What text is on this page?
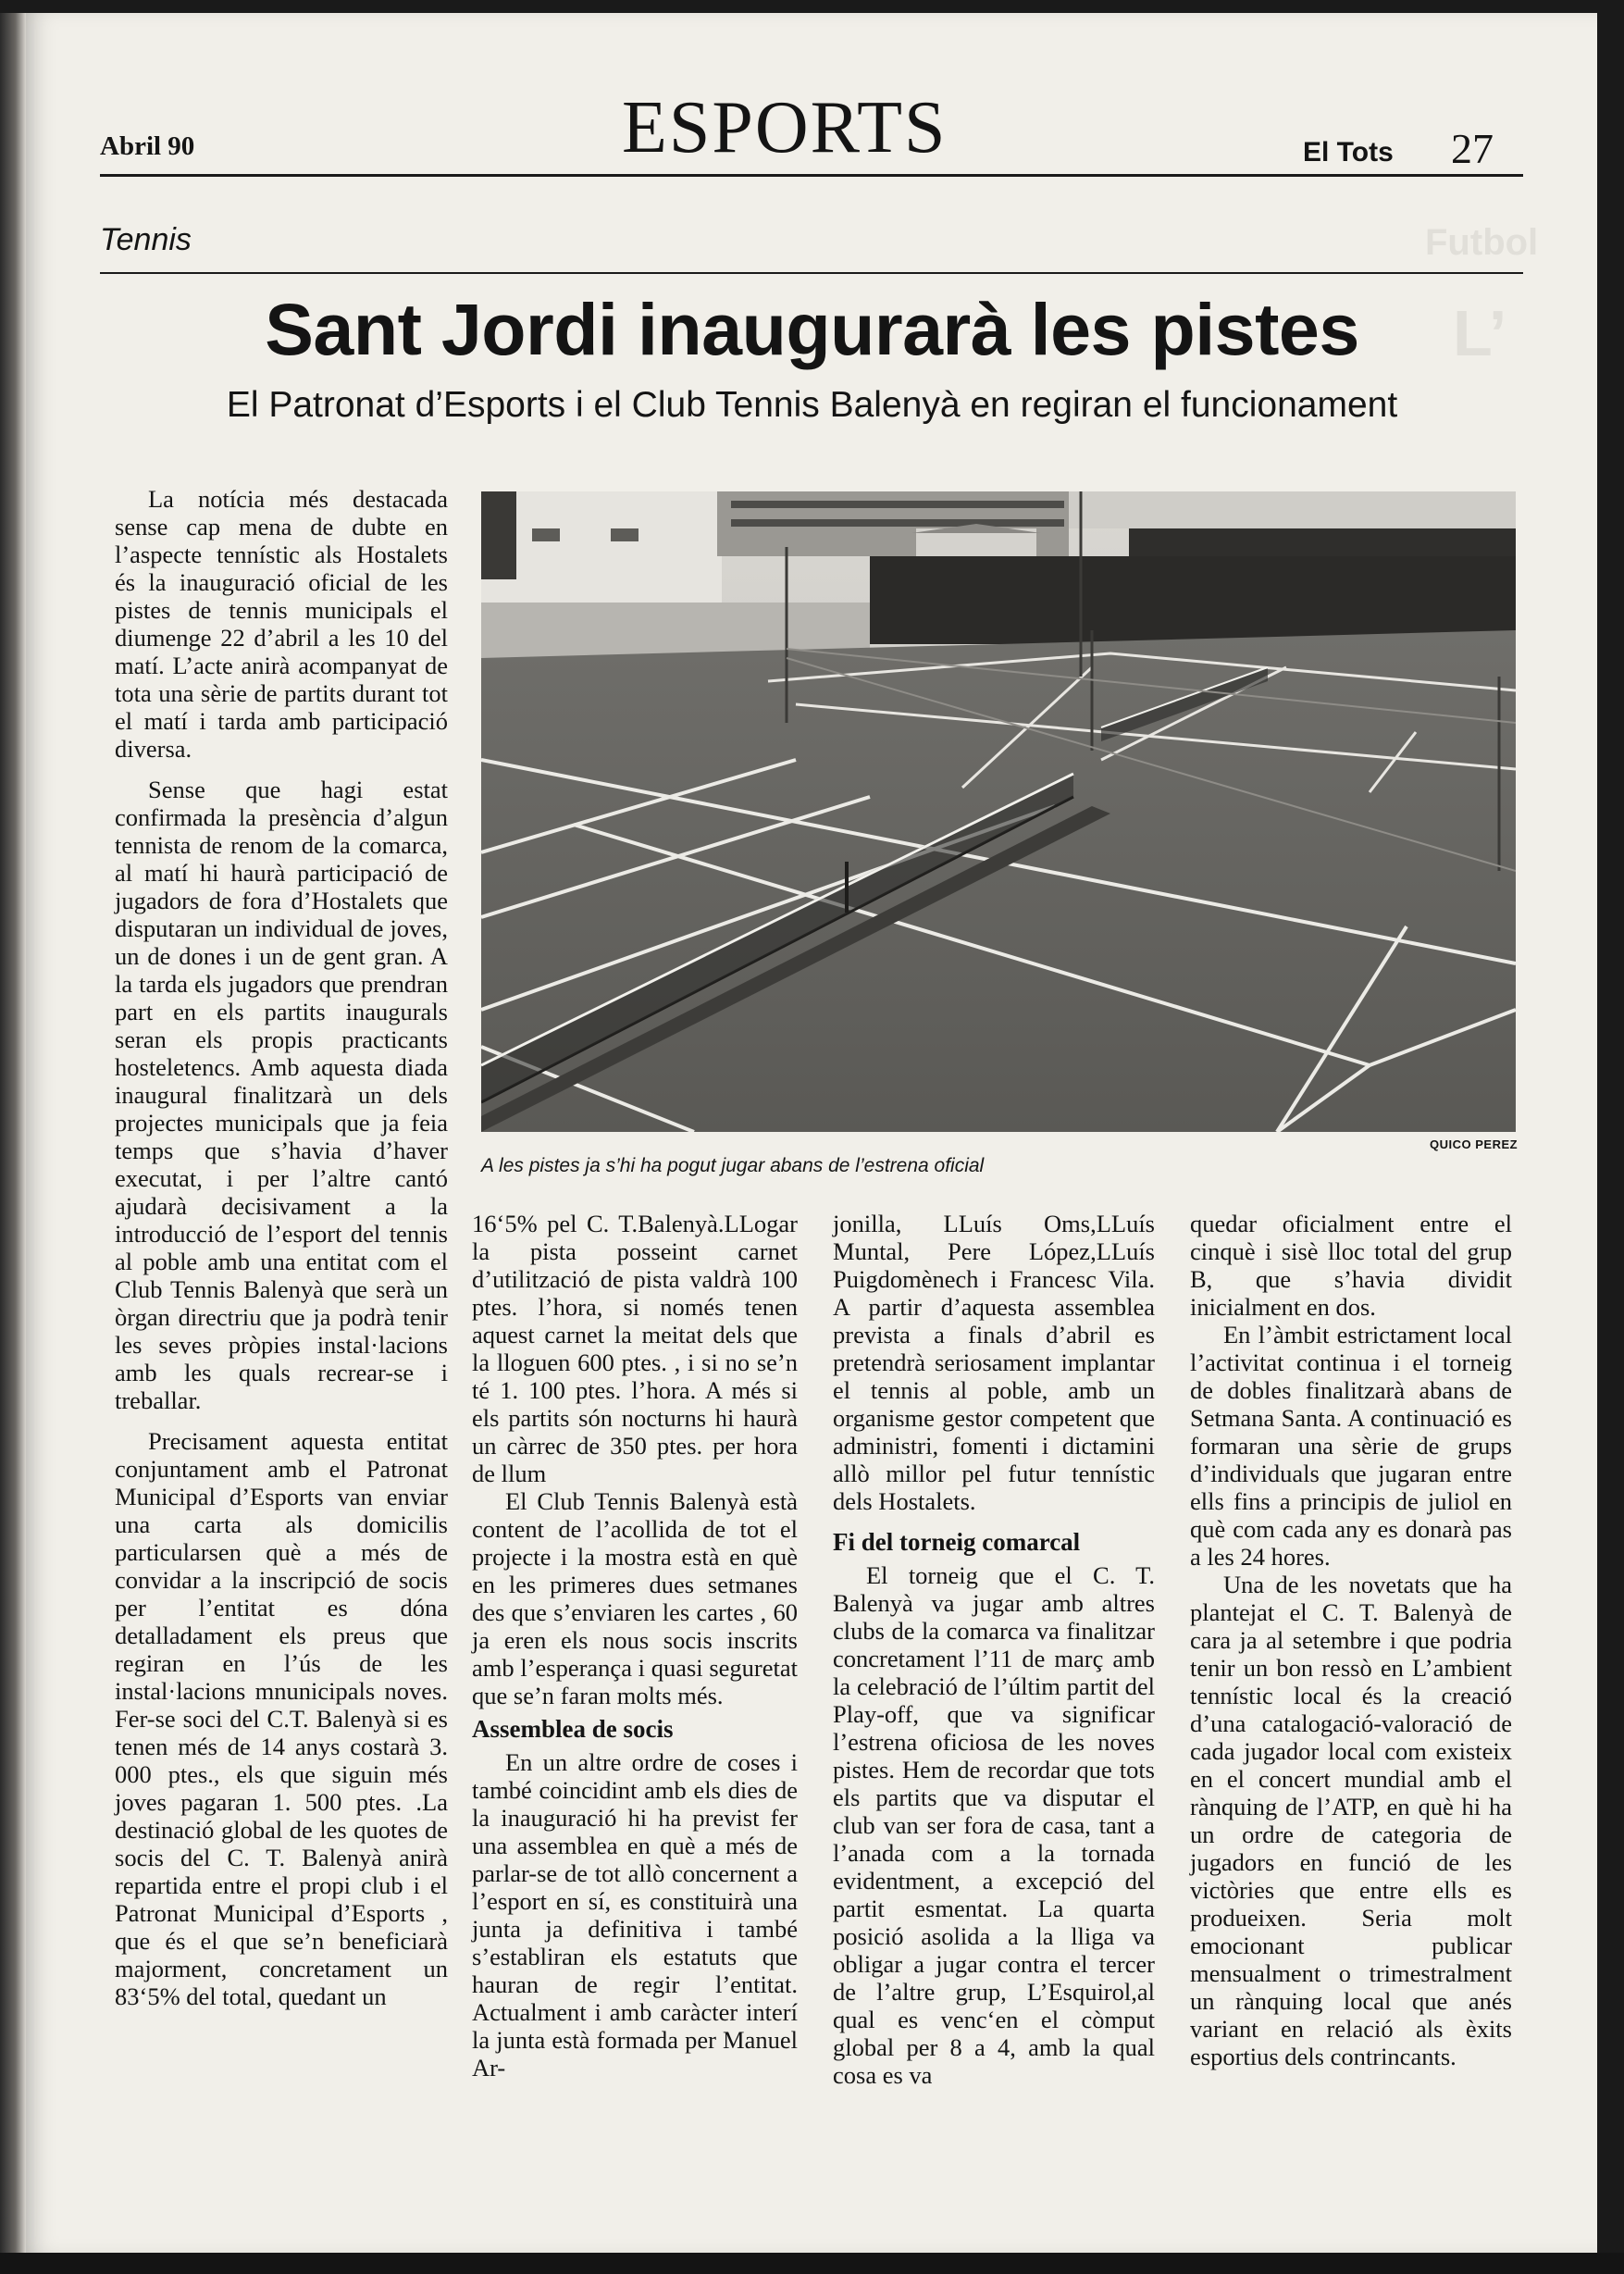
Abril 90	ESPORTS	El Tots 27
Tennis
Sant Jordi inaugurarà les pistes
El Patronat d’Esports i el Club Tennis Balenyà en regiran el funcionament
QUICO PEREZ
A les pistes ja s’hi ha pogut jugar abans de l’estrena oficial

La notícia més destacada sense cap mena de dubte en l’aspecte tennístic als Hostalets és la inauguració oficial de les pistes de tennis municipals el diumenge 22 d’abril a les 10 del matí. L’acte anirà acompanyat de tota una sèrie de partits durant tot el matí i tarda amb participació diversa.

Sense que hagi estat confirmada la presència d’algun tennista de renom de la comarca, al matí hi haurà participació de jugadors de fora d’Hostalets que disputaran un individual de joves, un de dones i un de gent gran. A la tarda els jugadors que prendran part en els partits inaugurals seran els propis practicants hosteletencs. Amb aquesta diada inaugural finalitzarà un dels projectes municipals que ja feia temps que s’havia d’haver executat, i per l’altre cantó ajudarà decisivament a la introducció de l’esport del tennis al poble amb una entitat com el Club Tennis Balenyà que serà un òrgan directriu que ja podrà tenir les seves pròpies instal·lacions amb les quals recrear-se i treballar.

Precisament aquesta entitat conjuntament amb el Patronat Municipal d’Esports van enviar una carta als domicilis particularsen què a més de convidar a la inscripció de socis per l’entitat es dóna detalladament els preus que regiran en l’ús de les instal·lacions mnunicipals noves. Fer-se soci del C.T. Balenyà si es tenen més de 14 anys costarà 3. 000 ptes., els que siguin més joves pagaran 1. 500 ptes. .La destinació global de les quotes de socis del C. T. Balenyà anirà repartida entre el propi club i el Patronat Municipal d’Esports , que és el que se’n beneficiarà majorment, concretament un 83‘5% del total, quedant un

16‘5% pel C. T.Balenyà.LLogar la pista posseint carnet d’utilització de pista valdrà 100 ptes. l’hora, si només tenen aquest carnet la meitat dels que la lloguen 600 ptes. , i si no se’n té 1. 100 ptes. l’hora. A més si els partits són nocturns hi haurà un càrrec de 350 ptes. per hora de llum

El Club Tennis Balenyà està content de l’acollida de tot el projecte i la mostra està en què en les primeres dues setmanes des que s’enviaren les cartes , 60 ja eren els nous socis inscrits amb l’esperança i quasi seguretat que se’n faran molts més.

Assemblea de socis

En un altre ordre de coses i també coincidint amb els dies de la inauguració hi ha previst fer una assemblea en què a més de parlar-se de tot allò concernent a l’esport en sí, es constituirà una junta ja definitiva i també s’establiran els estatuts que hauran de regir l’entitat. Actualment i amb caràcter interí la junta està formada per Manuel Ar-

jonilla, LLuís Oms,LLuís Muntal, Pere López,LLuís Puigdomènech i Francesc Vila. A partir d’aquesta assemblea prevista a finals d’abril es pretendrà seriosament implantar el tennis al poble, amb un organisme gestor competent que administri, fomenti i dictamini allò millor pel futur tennístic dels Hostalets.

Fi del torneig comarcal

El torneig que el C. T. Balenyà va jugar amb altres clubs de la comarca va finalitzar concretament l’11 de març amb la celebració de l’últim partit del Play-off, que va significar l’estrena oficiosa de les noves pistes. Hem de recordar que tots els partits que va disputar el club van ser fora de casa, tant a l’anada com a la tornada evidentment, a excepció del partit esmentat. La quarta posició asolida a la lliga va obligar a jugar contra el tercer de l’altre grup, L’Esquirol,al qual es venc‘en el còmput global per 8 a 4, amb la qual cosa es va

quedar oficialment entre el cinquè i sisè lloc total del grup B, que s’havia dividit inicialment en dos.

En l’àmbit estrictament local l’activitat continua i el torneig de dobles finalitzarà abans de Setmana Santa. A continuació es formaran una sèrie de grups d’individuals que jugaran entre ells fins a principis de juliol en què com cada any es donarà pas a les 24 hores.

Una de les novetats que ha plantejat el C. T. Balenyà de cara ja al setembre i que podria tenir un bon ressò en L’ambient tennístic local és la creació d’una catalogació-valoració de cada jugador local com existeix en el concert mundial amb el rànquing de l’ATP, en què hi ha un ordre de categoria de jugadors en funció de les victòries que entre ells es produeixen. Seria molt emocionant publicar mensualment o trimestralment un rànquing local que anés variant en relació als èxits esportius dels contrincants.
